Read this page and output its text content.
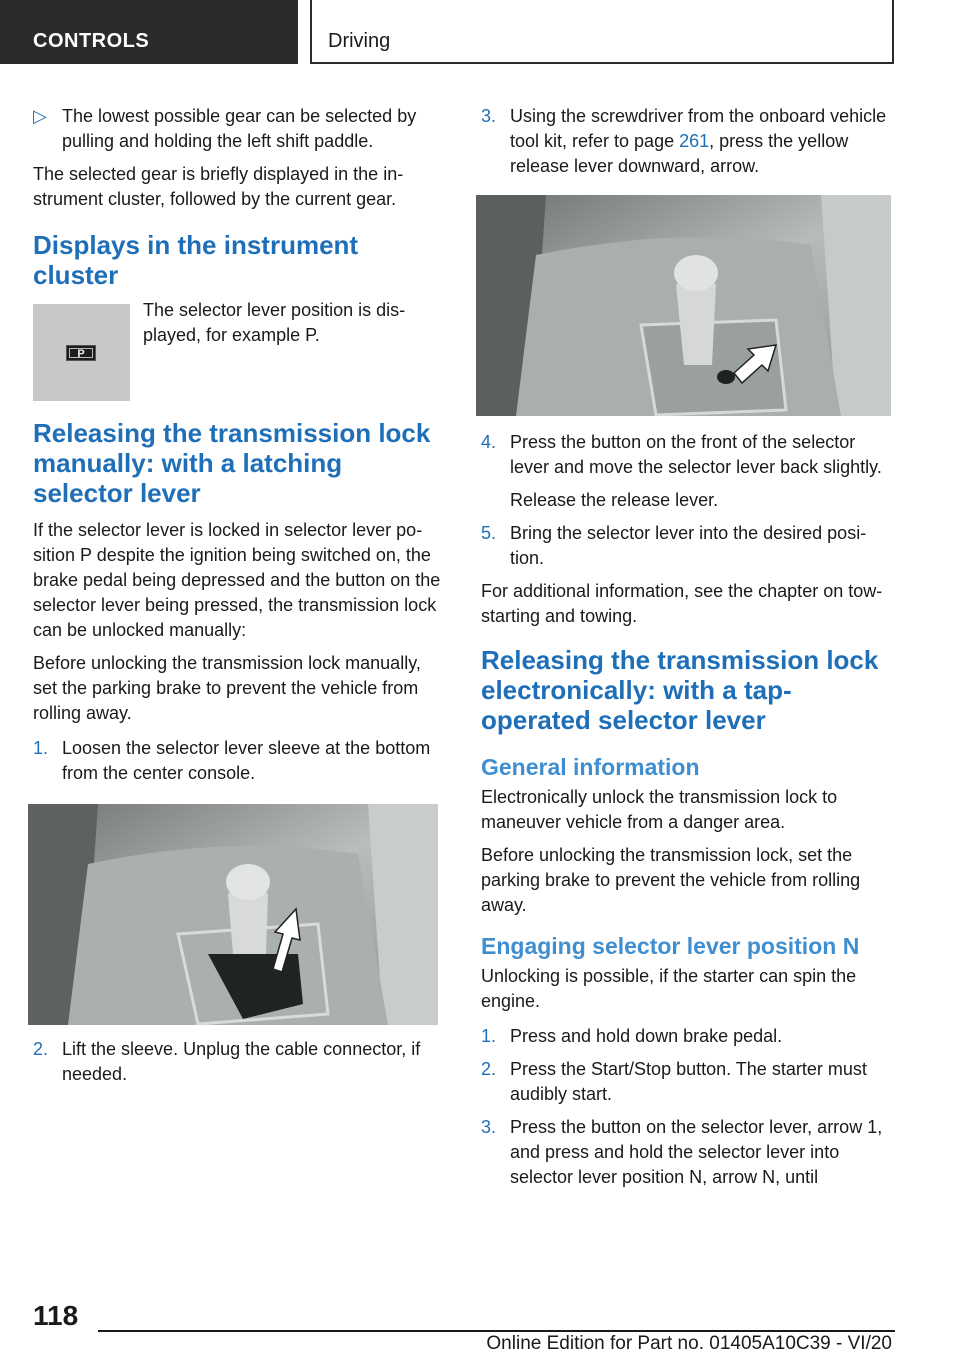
CONTROLS	Driving
▷ The lowest possible gear can be selected by pulling and holding the left shift paddle.

The selected gear is briefly displayed in the instrument cluster, followed by the current gear.

Displays in the instrument cluster
P

The selector lever position is displayed, for example P.

Releasing the transmission lock manually: with a latching selector lever

If the selector lever is locked in selector lever position P despite the ignition being switched on, the brake pedal being depressed and the button on the selector lever being pressed, the transmission lock can be unlocked manually:

Before unlocking the transmission lock manually, set the parking brake to prevent the vehicle from rolling away.

1. Loosen the selector lever sleeve at the bottom from the center console.
2. Lift the sleeve. Unplug the cable connector, if needed.
3. Using the screwdriver from the onboard vehicle tool kit, refer to page 261, press the yellow release lever downward, arrow.
4. Press the button on the front of the selector lever and move the selector lever back slightly.

Release the release lever.

5. Bring the selector lever into the desired position.

For additional information, see the chapter on tow-starting and towing.

Releasing the transmission lock electronically: with a tap-operated selector lever
General information

Electronically unlock the transmission lock to maneuver vehicle from a danger area.

Before unlocking the transmission lock, set the parking brake to prevent the vehicle from rolling away.

Engaging selector lever position N

Unlocking is possible, if the starter can spin the engine.

1. Press and hold down brake pedal.
2. Press the Start/Stop button. The starter must audibly start.
3. Press the button on the selector lever, arrow 1, and press and hold the selector lever into selector lever position N, arrow N, until
118
Online Edition for Part no. 01405A10C39 - VI/20
